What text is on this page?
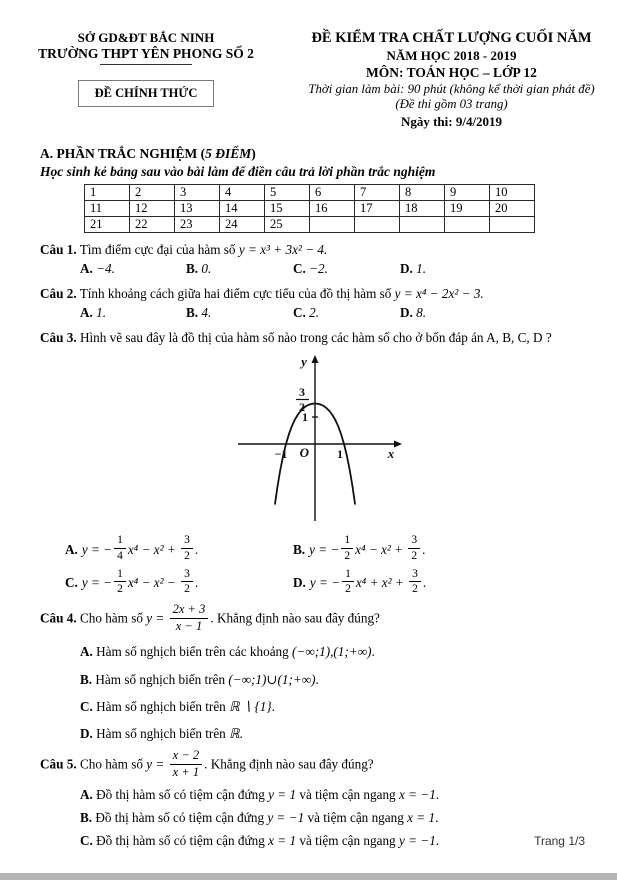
SỞ GD&ĐT BẮC NINH
TRƯỜNG THPT YÊN PHONG SỐ 2
ĐỀ CHÍNH THỨC
ĐỀ KIỂM TRA CHẤT LƯỢNG CUỐI NĂM
NĂM HỌC 2018 - 2019
MÔN: TOÁN HỌC – LỚP 12
Thời gian làm bài: 90 phút (không kể thời gian phát đề)
(Đề thi gồm 03 trang)
Ngày thi: 9/4/2019
A. PHẦN TRẮC NGHIỆM (5 ĐIỂM)
Học sinh kẻ bảng sau vào bài làm để điền câu trả lời phần trắc nghiệm
1	2	3	4	5	6	7	8	9	10
11	12	13	14	15	16	17	18	19	20
21	22	23	24	25					
Câu 1. Tìm điểm cực đại của hàm số y = x³ + 3x² − 4.
A. −4.	B. 0.	C. −2.	D. 1.
Câu 2. Tính khoảng cách giữa hai điểm cực tiểu của đồ thị hàm số y = x⁴ − 2x² − 3.
A. 1.	B. 4.	C. 2.	D. 8.
Câu 3. Hình vẽ sau đây là đồ thị của hàm số nào trong các hàm số cho ở bốn đáp án A, B, C, D ?
y
x
O
−1	1
1
3
2
A. y = − $\frac{1}{4} x^4 - x^2 + \frac{3}{2}$ .	B. y = − $\frac{1}{2} x^4 - x^2 + \frac{3}{2}$ .
C. y = − $\frac{1}{2} x^4 - x^2 - \frac{3}{2}$ .	D. y = − $\frac{1}{2} x^4 + x^2 + \frac{3}{2}$ .
Câu 4. Cho hàm số $y = \frac{2x + 3}{x - 1}$ . Khẳng định nào sau đây đúng?
A. Hàm số nghịch biến trên các khoảng (−∞;1),(1;+∞).
B. Hàm số nghịch biến trên (−∞;1)∪(1;+∞).
C. Hàm số nghịch biến trên ℝ ∖ {1}.
D. Hàm số nghịch biến trên ℝ.
Câu 5. Cho hàm số $y = \frac{x - 2}{x + 1}$ . Khẳng định nào sau đây đúng?
A. Đồ thị hàm số có tiệm cận đứng y = 1 và tiệm cận ngang x = −1.
B. Đồ thị hàm số có tiệm cận đứng y = −1 và tiệm cận ngang x = 1.
C. Đồ thị hàm số có tiệm cận đứng x = 1 và tiệm cận ngang y = −1.	Trang 1/3
